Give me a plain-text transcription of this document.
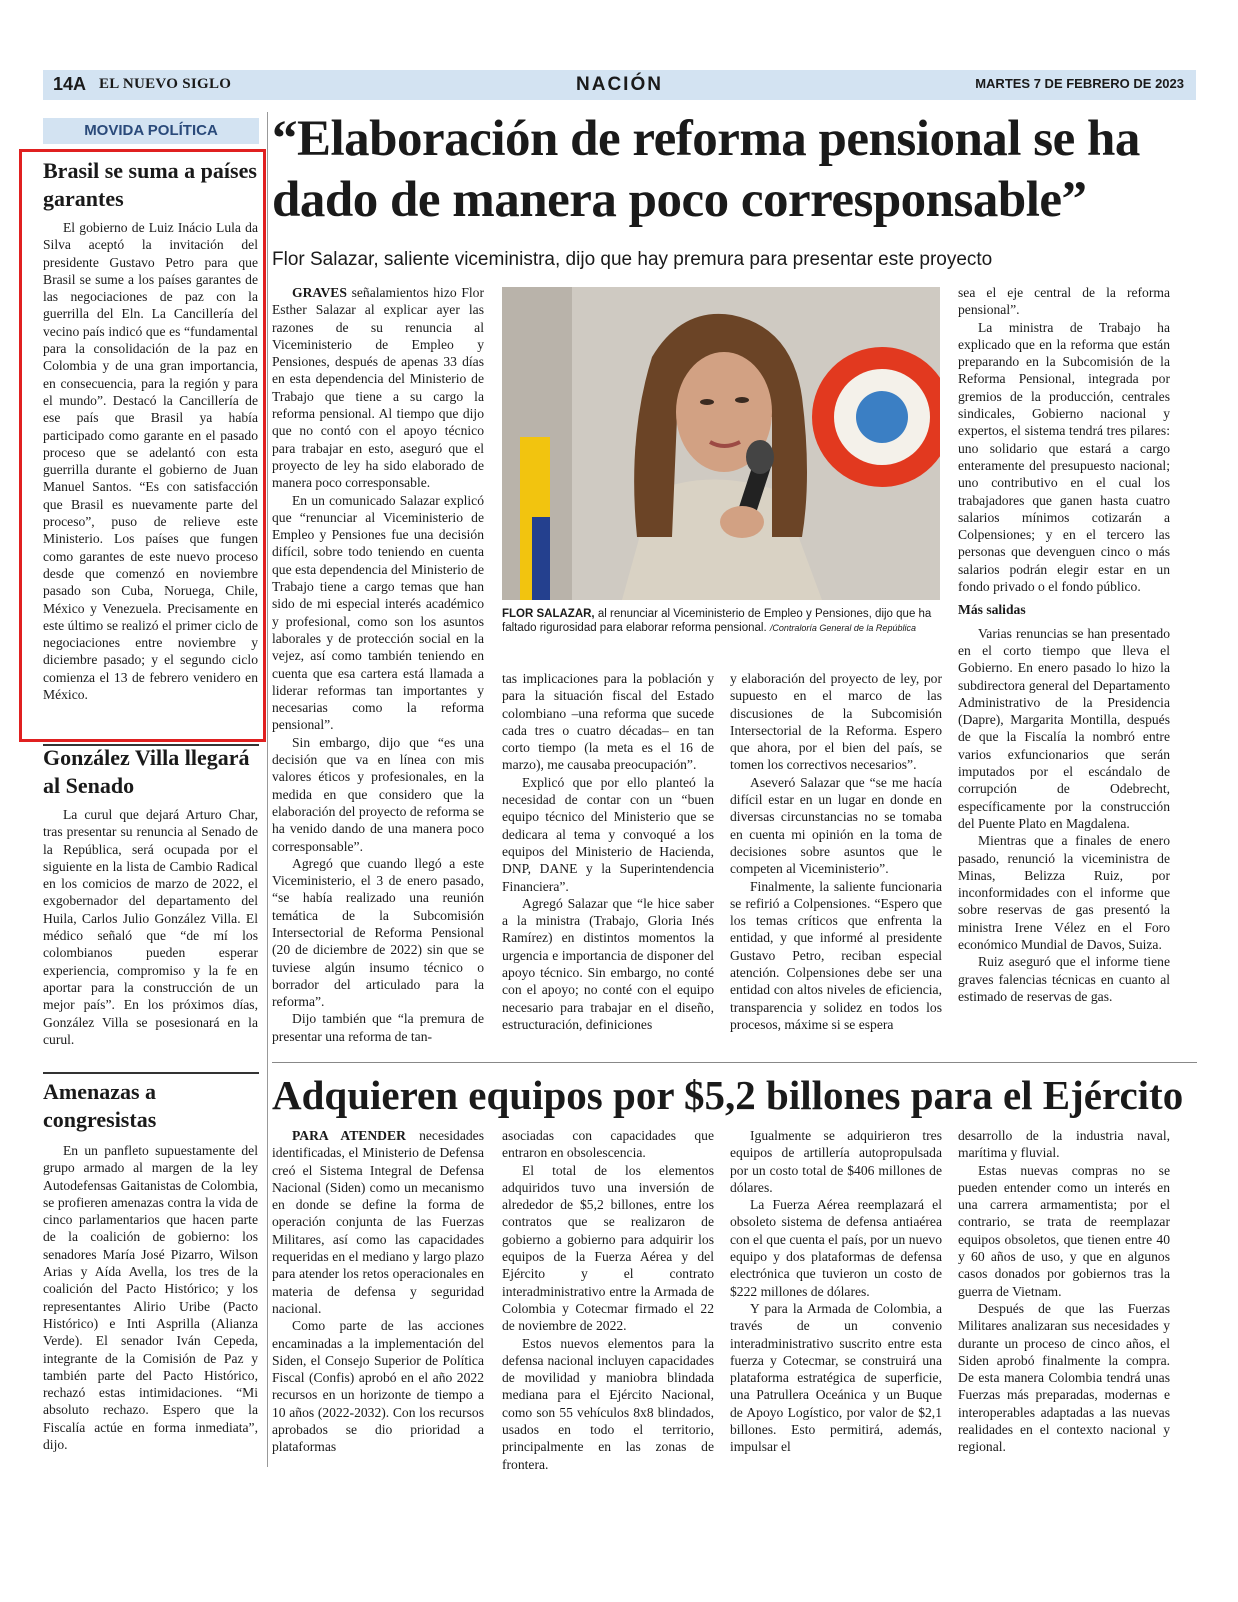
14A EL NUEVO SIGLO	NACIÓN	MARTES 7 DE FEBRERO DE 2023
MOVIDA POLÍTICA
Brasil se suma a países garantes

El gobierno de Luiz Inácio Lula da Silva aceptó la invitación del presidente Gustavo Petro para que Brasil se sume a los países garantes de las negociaciones de paz con la guerrilla del Eln. La Cancillería del vecino país indicó que es “fundamental para la consolidación de la paz en Colombia y de una gran importancia, en consecuencia, para la región y para el mundo”. Destacó la Cancillería de ese país que Brasil ya había participado como garante en el pasado proceso que se adelantó con esta guerrilla durante el gobierno de Juan Manuel Santos. “Es con satisfacción que Brasil es nuevamente parte del proceso”, puso de relieve este Ministerio. Los países que fungen como garantes de este nuevo proceso desde que comenzó en noviembre pasado son Cuba, Noruega, Chile, México y Venezuela. Precisamente en este último se realizó el primer ciclo de negociaciones entre noviembre y diciembre pasado; y el segundo ciclo comienza el 13 de febrero venidero en México.

González Villa llegará al Senado

La curul que dejará Arturo Char, tras presentar su renuncia al Senado de la República, será ocupada por el siguiente en la lista de Cambio Radical en los comicios de marzo de 2022, el exgobernador del departamento del Huila, Carlos Julio González Villa. El médico señaló que “de mí los colombianos pueden esperar experiencia, compromiso y la fe en aportar para la construcción de un mejor país”. En los próximos días, González Villa se posesionará en la curul.

Amenazas a congresistas

En un panfleto supuestamente del grupo armado al margen de la ley Autodefensas Gaitanistas de Colombia, se profieren amenazas contra la vida de cinco parlamentarios que hacen parte de la coalición de gobierno: los senadores María José Pizarro, Wilson Arias y Aída Avella, los tres de la coalición del Pacto Histórico; y los representantes Alirio Uribe (Pacto Histórico) e Inti Asprilla (Alianza Verde). El senador Iván Cepeda, integrante de la Comisión de Paz y también parte del Pacto Histórico, rechazó estas intimidaciones. “Mi absoluto rechazo. Espero que la Fiscalía actúe en forma inmediata”, dijo.

“Elaboración de reforma pensional se ha dado de manera poco corresponsable”
Flor Salazar, saliente viceministra, dijo que hay premura para presentar este proyecto

GRAVES señalamientos hizo Flor Esther Salazar al explicar ayer las razones de su renuncia al Viceministerio de Empleo y Pensiones, después de apenas 33 días en esta dependencia del Ministerio de Trabajo que tiene a su cargo la reforma pensional. Al tiempo que dijo que no contó con el apoyo técnico para trabajar en esto, aseguró que el proyecto de ley ha sido elaborado de manera poco corresponsable.

En un comunicado Salazar explicó que “renunciar al Viceministerio de Empleo y Pensiones fue una decisión difícil, sobre todo teniendo en cuenta que esta dependencia del Ministerio de Trabajo tiene a cargo temas que han sido de mi especial interés académico y profesional, como son los asuntos laborales y de protección social en la vejez, así como también teniendo en cuenta que esa cartera está llamada a liderar reformas tan importantes y necesarias como la reforma pensional”.

Sin embargo, dijo que “es una decisión que va en línea con mis valores éticos y profesionales, en la medida en que considero que la elaboración del proyecto de reforma se ha venido dando de una manera poco corresponsable”.

Agregó que cuando llegó a este Viceministerio, el 3 de enero pasado, “se había realizado una reunión temática de la Subcomisión Intersectorial de Reforma Pensional (20 de diciembre de 2022) sin que se tuviese algún insumo técnico o borrador del articulado para la reforma”.

Dijo también que “la premura de presentar una reforma de tan-

FLOR SALAZAR, al renunciar al Viceministerio de Empleo y Pensiones, dijo que ha faltado rigurosidad para elaborar reforma pensional. /Contraloría General de la República

tas implicaciones para la población y para la situación fiscal del Estado colombiano –una reforma que sucede cada tres o cuatro décadas– en tan corto tiempo (la meta es el 16 de marzo), me causaba preocupación”.

Explicó que por ello planteó la necesidad de contar con un “buen equipo técnico del Ministerio que se dedicara al tema y convoqué a los equipos del Ministerio de Hacienda, DNP, DANE y la Superintendencia Financiera”.

Agregó Salazar que “le hice saber a la ministra (Trabajo, Gloria Inés Ramírez) en distintos momentos la urgencia e importancia de disponer del apoyo técnico. Sin embargo, no conté con el apoyo; no conté con el equipo necesario para trabajar en el diseño, estructuración, definiciones

y elaboración del proyecto de ley, por supuesto en el marco de las discusiones de la Subcomisión Intersectorial de la Reforma. Espero que ahora, por el bien del país, se tomen los correctivos necesarios”.

Aseveró Salazar que “se me hacía difícil estar en un lugar en donde en diversas circunstancias no se tomaba en cuenta mi opinión en la toma de decisiones sobre asuntos que le competen al Viceministerio”.

Finalmente, la saliente funcionaria se refirió a Colpensiones. “Espero que los temas críticos que enfrenta la entidad, y que informé al presidente Gustavo Petro, reciban especial atención. Colpensiones debe ser una entidad con altos niveles de eficiencia, transparencia y solidez en todos los procesos, máxime si se espera

sea el eje central de la reforma pensional”.

La ministra de Trabajo ha explicado que en la reforma que están preparando en la Subcomisión de la Reforma Pensional, integrada por gremios de la producción, centrales sindicales, Gobierno nacional y expertos, el sistema tendrá tres pilares: uno solidario que estará a cargo enteramente del presupuesto nacional; uno contributivo en el cual los trabajadores que ganen hasta cuatro salarios mínimos cotizarán a Colpensiones; y en el tercero las personas que devenguen cinco o más salarios podrán elegir estar en un fondo privado o el fondo público.

Más salidas

Varias renuncias se han presentado en el corto tiempo que lleva el Gobierno. En enero pasado lo hizo la subdirectora general del Departamento Administrativo de la Presidencia (Dapre), Margarita Montilla, después de que la Fiscalía la nombró entre varios exfuncionarios que serán imputados por el escándalo de corrupción de Odebrecht, específicamente por la construcción del Puente Plato en Magdalena.

Mientras que a finales de enero pasado, renunció la viceministra de Minas, Belizza Ruiz, por inconformidades con el informe que sobre reservas de gas presentó la ministra Irene Vélez en el Foro económico Mundial de Davos, Suiza.

Ruiz aseguró que el informe tiene graves falencias técnicas en cuanto al estimado de reservas de gas.

Adquieren equipos por $5,2 billones para el Ejército

PARA ATENDER necesidades identificadas, el Ministerio de Defensa creó el Sistema Integral de Defensa Nacional (Siden) como un mecanismo en donde se define la forma de operación conjunta de las Fuerzas Militares, así como las capacidades requeridas en el mediano y largo plazo para atender los retos operacionales en materia de defensa y seguridad nacional.

Como parte de las acciones encaminadas a la implementación del Siden, el Consejo Superior de Política Fiscal (Confis) aprobó en el año 2022 recursos en un horizonte de tiempo a 10 años (2022-2032). Con los recursos aprobados se dio prioridad a plataformas

asociadas con capacidades que entraron en obsolescencia.

El total de los elementos adquiridos tuvo una inversión de alrededor de $5,2 billones, entre los contratos que se realizaron de gobierno a gobierno para adquirir los equipos de la Fuerza Aérea y del Ejército y el contrato interadministrativo entre la Armada de Colombia y Cotecmar firmado el 22 de noviembre de 2022.

Estos nuevos elementos para la defensa nacional incluyen capacidades de movilidad y maniobra blindada mediana para el Ejército Nacional, como son 55 vehículos 8x8 blindados, usados en todo el territorio, principalmente en las zonas de frontera.

Igualmente se adquirieron tres equipos de artillería autopropulsada por un costo total de $406 millones de dólares.

La Fuerza Aérea reemplazará el obsoleto sistema de defensa antiaérea con el que cuenta el país, por un nuevo equipo y dos plataformas de defensa electrónica que tuvieron un costo de $222 millones de dólares.

Y para la Armada de Colombia, a través de un convenio interadministrativo suscrito entre esta fuerza y Cotecmar, se construirá una plataforma estratégica de superficie, una Patrullera Oceánica y un Buque de Apoyo Logístico, por valor de $2,1 billones. Esto permitirá, además, impulsar el

desarrollo de la industria naval, marítima y fluvial.

Estas nuevas compras no se pueden entender como un interés en una carrera armamentista; por el contrario, se trata de reemplazar equipos obsoletos, que tienen entre 40 y 60 años de uso, y que en algunos casos donados por gobiernos tras la guerra de Vietnam.

Después de que las Fuerzas Militares analizaran sus necesidades y durante un proceso de cinco años, el Siden aprobó finalmente la compra. De esta manera Colombia tendrá unas Fuerzas más preparadas, modernas e interoperables adaptadas a las nuevas realidades en el contexto nacional y regional.
